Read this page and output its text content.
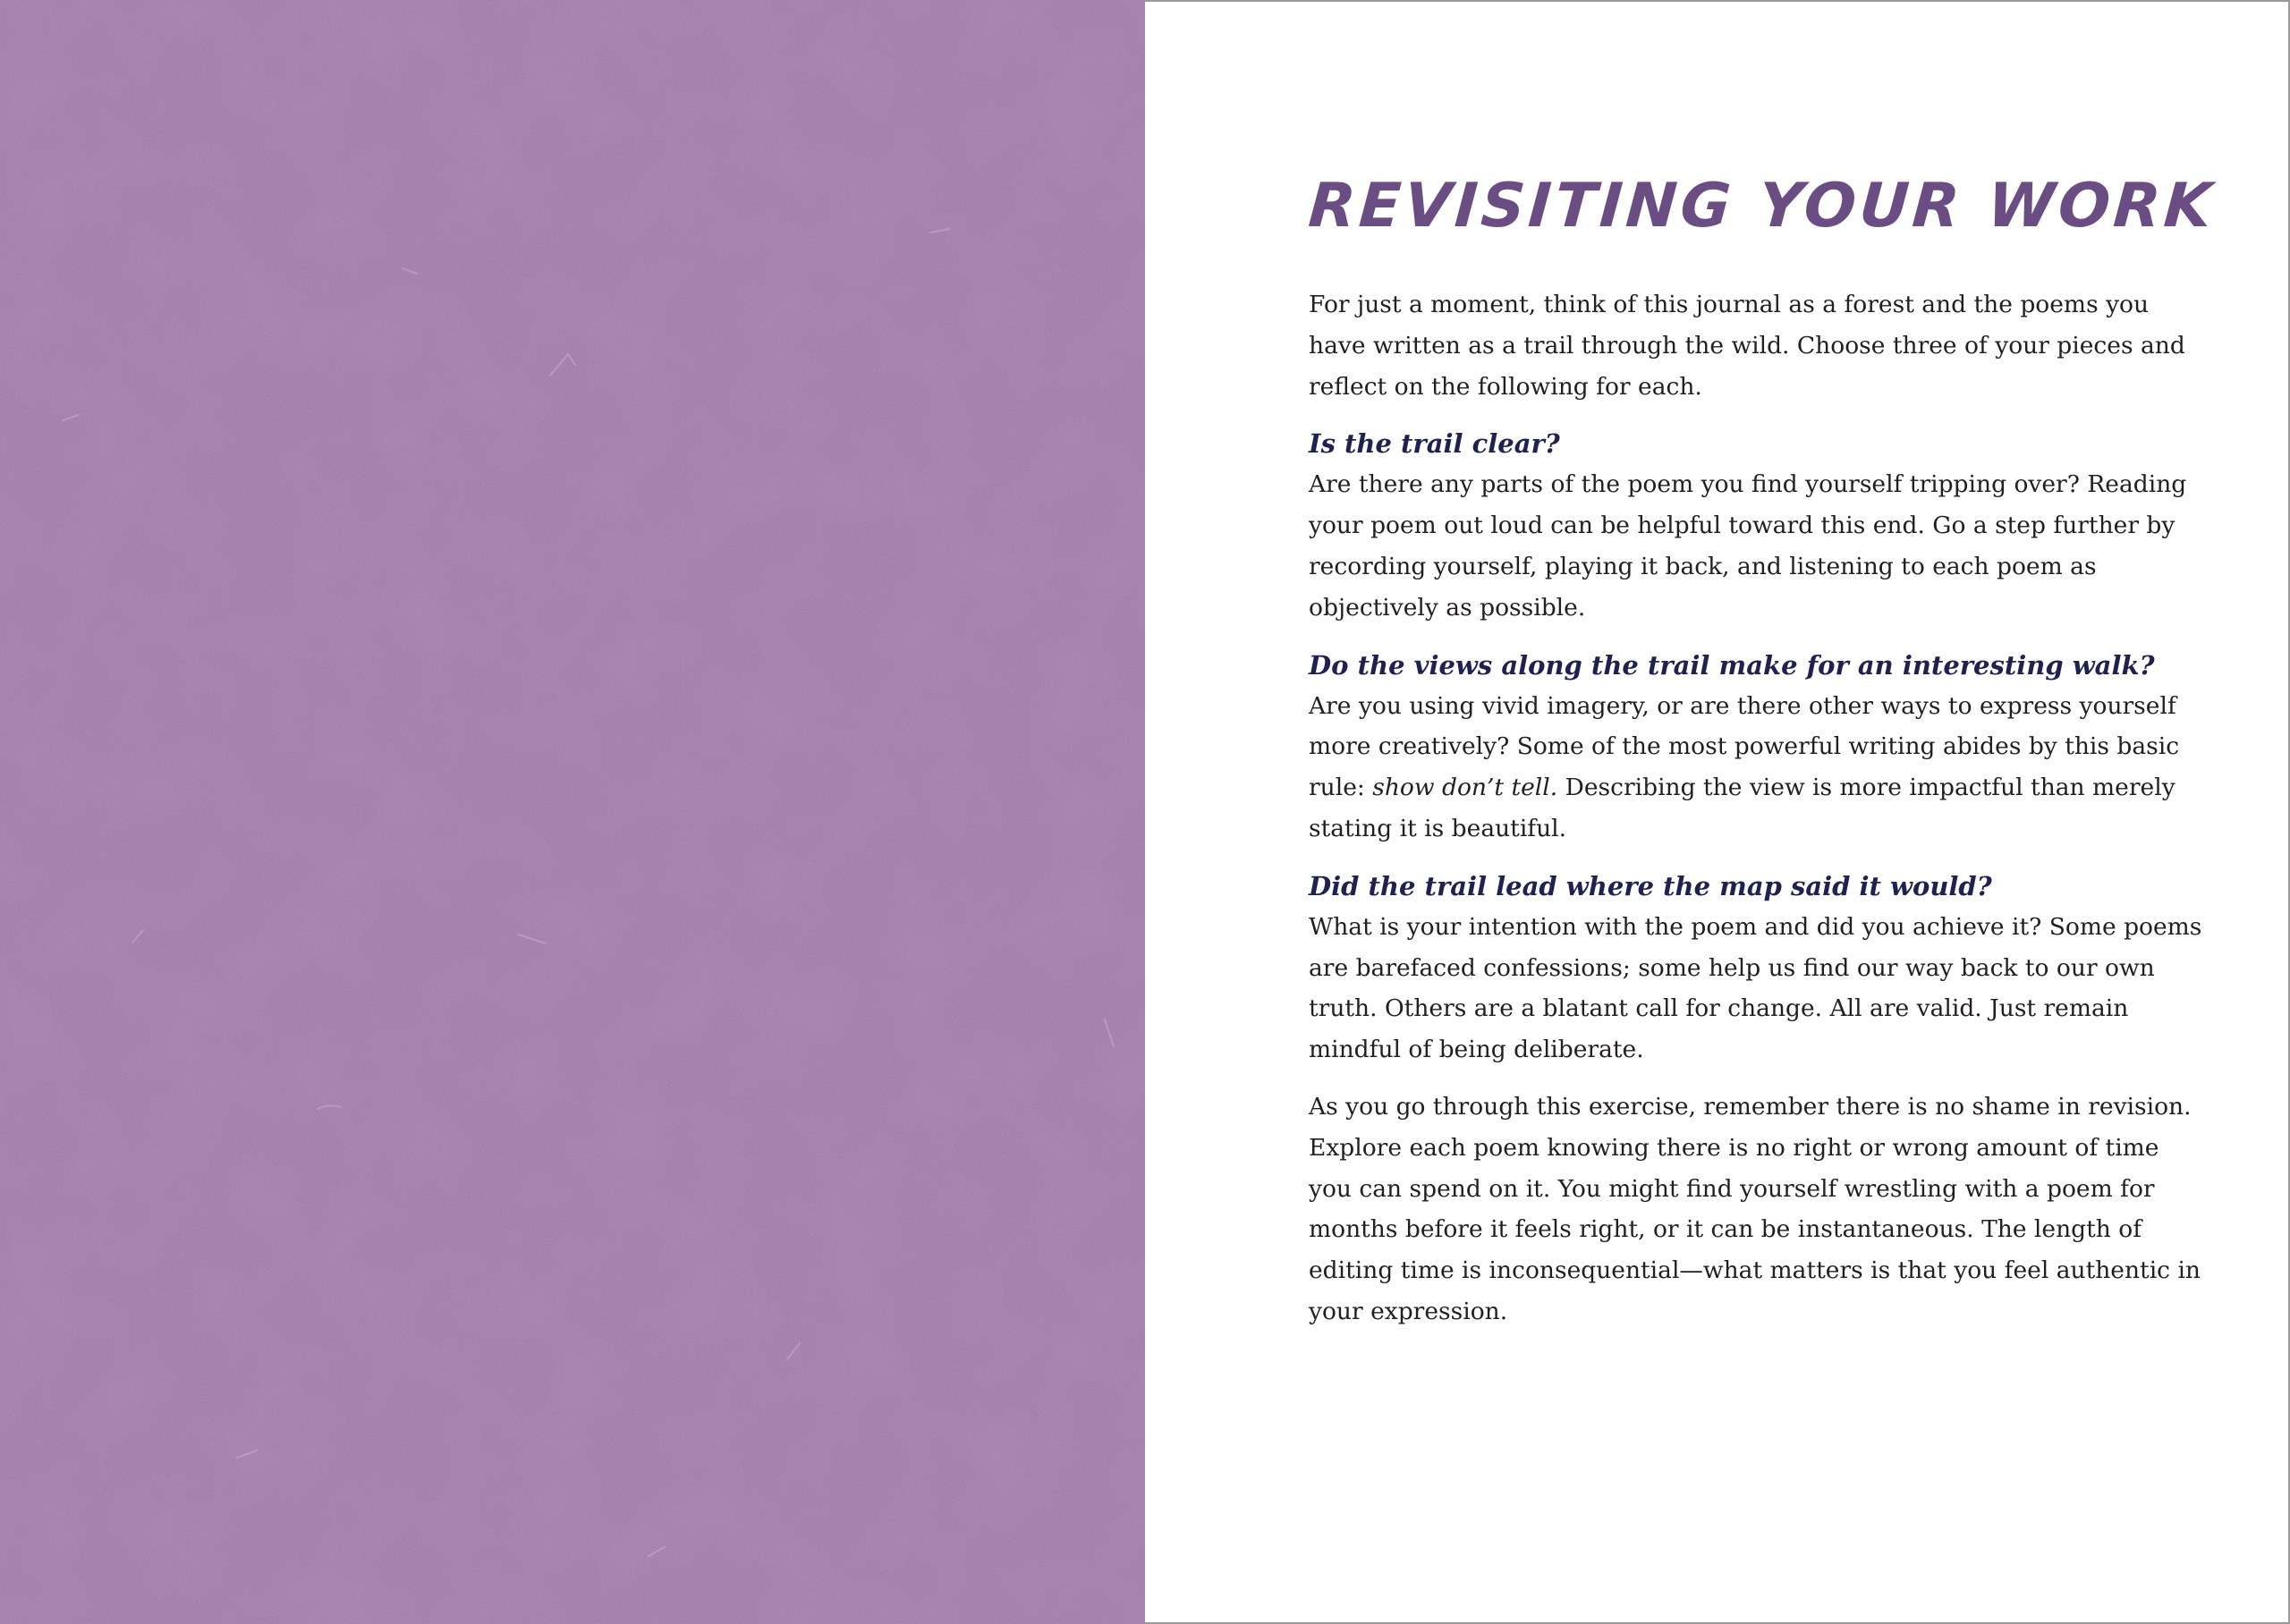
REVISITING YOUR WORK

For just a moment, think of this journal as a forest and the poems you have written as a trail through the wild. Choose three of your pieces and reflect on the following for each.

Is the trail clear?

Are there any parts of the poem you find yourself tripping over? Reading your poem out loud can be helpful toward this end. Go a step further by recording yourself, playing it back, and listening to each poem as objectively as possible.

Do the views along the trail make for an interesting walk?

Are you using vivid imagery, or are there other ways to express yourself more creatively? Some of the most powerful writing abides by this basic rule: show don’t tell. Describing the view is more impactful than merely stating it is beautiful.

Did the trail lead where the map said it would?

What is your intention with the poem and did you achieve it? Some poems are barefaced confessions; some help us find our way back to our own truth. Others are a blatant call for change. All are valid. Just remain mindful of being deliberate.

As you go through this exercise, remember there is no shame in revision. Explore each poem knowing there is no right or wrong amount of time you can spend on it. You might find yourself wrestling with a poem for months before it feels right, or it can be instantaneous. The length of editing time is inconsequential—what matters is that you feel authentic in your expression.
